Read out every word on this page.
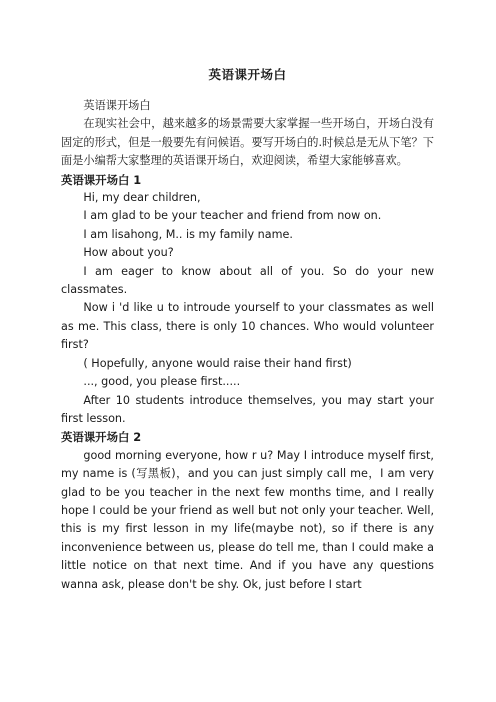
英语课开场白

英语课开场白

在现实社会中，越来越多的场景需要大家掌握一些开场白，开场白没有固定的形式，但是一般要先有问候语。要写开场白的.时候总是无从下笔？下面是小编帮大家整理的英语课开场白，欢迎阅读，希望大家能够喜欢。

英语课开场白 1

Hi, my dear children,

I am glad to be your teacher and friend from now on.

I am lisahong, M.. is my family name.

How about you?

I am eager to know about all of you. So do your new classmates.

Now i 'd like u to introude yourself to your classmates as well as me. This class, there is only 10 chances. Who would volunteer first?

( Hopefully, anyone would raise their hand first)

..., good, you please first.....

After 10 students introduce themselves, you may start your first lesson.

英语课开场白 2

good morning everyone, how r u? May I introduce myself first, my name is (写黑板)，and you can just simply call me，I am very glad to be you teacher in the next few months time, and I really hope I could be your friend as well but not only your teacher. Well, this is my first lesson in my life(maybe not), so if there is any inconvenience between us, please do tell me, than I could make a little notice on that next time. And if you have any questions wanna ask, please don't be shy. Ok, just before I start
